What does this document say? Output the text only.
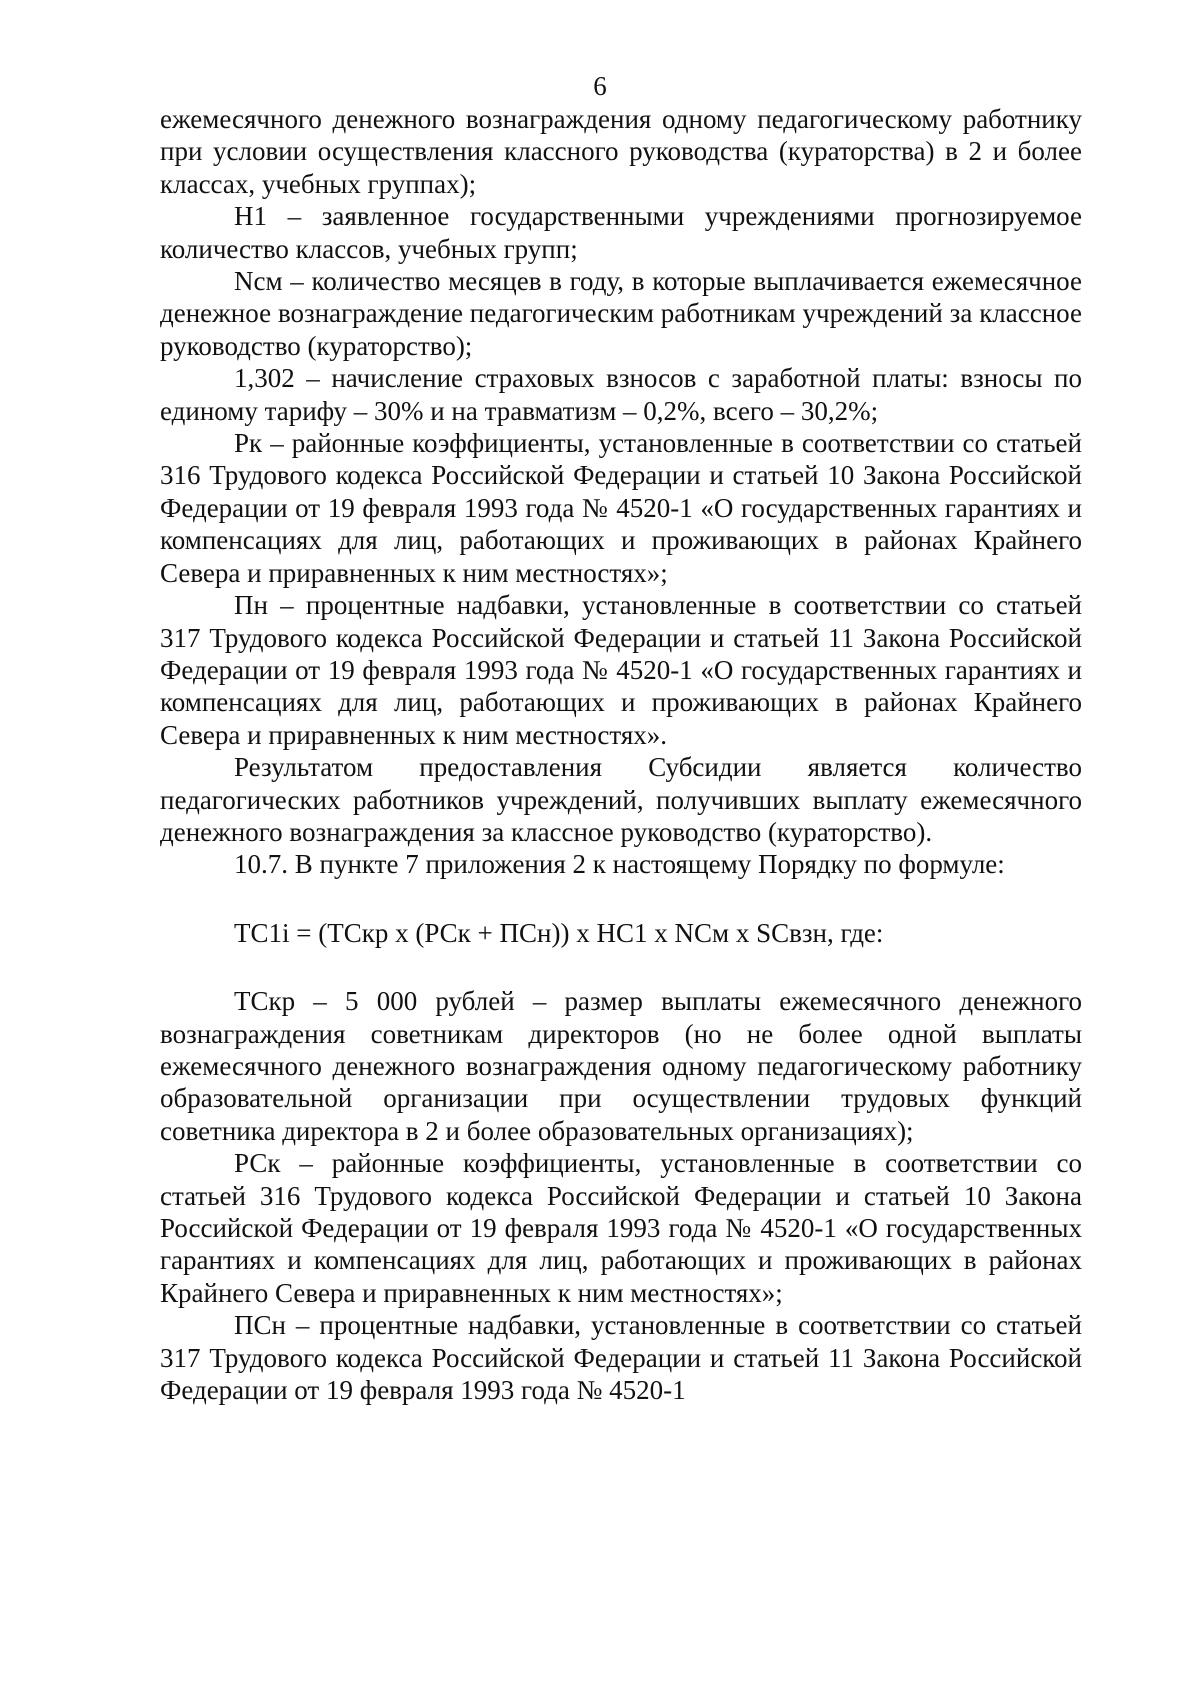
6

ежемесячного денежного вознаграждения одному педагогическому работнику при условии осуществления классного руководства (кураторства) в 2 и более классах, учебных группах);

Н1 – заявленное государственными учреждениями прогнозируемое количество классов, учебных групп;

Nсм – количество месяцев в году, в которые выплачивается ежемесячное денежное вознаграждение педагогическим работникам учреждений за классное руководство (кураторство);

1,302 – начисление страховых взносов с заработной платы: взносы по единому тарифу – 30% и на травматизм – 0,2%, всего – 30,2%;

Рк – районные коэффициенты, установленные в соответствии со статьей 316 Трудового кодекса Российской Федерации и статьей 10 Закона Российской Федерации от 19 февраля 1993 года № 4520-1 «О государственных гарантиях и компенсациях для лиц, работающих и проживающих в районах Крайнего Севера и приравненных к ним местностях»;

Пн – процентные надбавки, установленные в соответствии со статьей 317 Трудового кодекса Российской Федерации и статьей 11 Закона Российской Федерации от 19 февраля 1993 года № 4520-1 «О государственных гарантиях и компенсациях для лиц, работающих и проживающих в районах Крайнего Севера и приравненных к ним местностях».

Результатом предоставления Субсидии является количество педагогических работников учреждений, получивших выплату ежемесячного денежного вознаграждения за классное руководство (кураторство).

10.7. В пункте 7 приложения 2 к настоящему Порядку по формуле:

ТС1i = (ТСкр х (РСк + ПСн)) х НС1 х NСм х SСвзн, где:

ТСкр – 5 000 рублей – размер выплаты ежемесячного денежного вознаграждения советникам директоров (но не более одной выплаты ежемесячного денежного вознаграждения одному педагогическому работнику образовательной организации при осуществлении трудовых функций советника директора в 2 и более образовательных организациях);

РСк – районные коэффициенты, установленные в соответствии со статьей 316 Трудового кодекса Российской Федерации и статьей 10 Закона Российской Федерации от 19 февраля 1993 года № 4520-1 «О государственных гарантиях и компенсациях для лиц, работающих и проживающих в районах Крайнего Севера и приравненных к ним местностях»;

ПСн – процентные надбавки, установленные в соответствии со статьей 317 Трудового кодекса Российской Федерации и статьей 11 Закона Российской Федерации от 19 февраля 1993 года № 4520-1
